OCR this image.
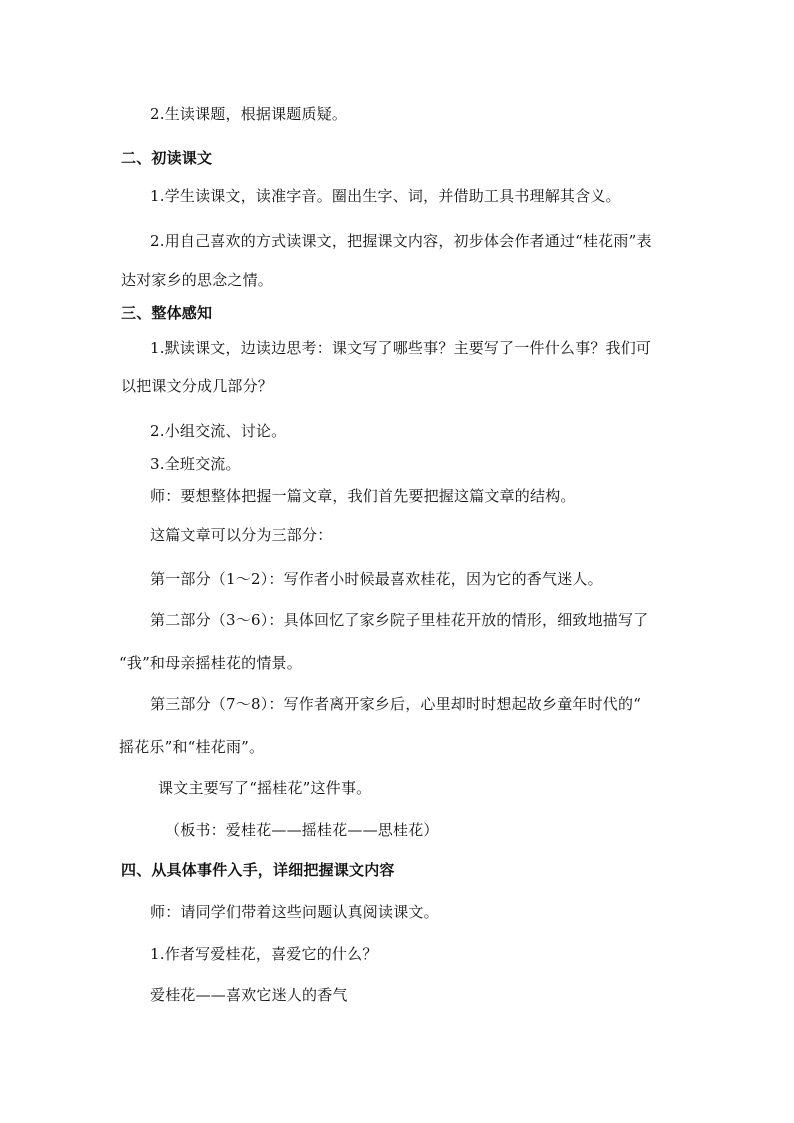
2.生读课题，根据课题质疑。
二、初读课文
1.学生读课文，读准字音。圈出生字、词，并借助工具书理解其含义。
2.用自己喜欢的方式读课文，把握课文内容，初步体会作者通过“桂花雨”表
达对家乡的思念之情。
三、整体感知
1.默读课文，边读边思考：课文写了哪些事？主要写了一件什么事？我们可
以把课文分成几部分？
2.小组交流、讨论。
3.全班交流。
师：要想整体把握一篇文章，我们首先要把握这篇文章的结构。
这篇文章可以分为三部分：
第一部分（1～2）：写作者小时候最喜欢桂花，因为它的香气迷人。
第二部分（3～6）：具体回忆了家乡院子里桂花开放的情形，细致地描写了
“我”和母亲摇桂花的情景。
第三部分（7～8）：写作者离开家乡后，心里却时时想起故乡童年时代的“
摇花乐”和“桂花雨”。
课文主要写了“摇桂花”这件事。
（板书：爱桂花——摇桂花——思桂花）
四、从具体事件入手，详细把握课文内容
师：请同学们带着这些问题认真阅读课文。
1.作者写爱桂花，喜爱它的什么？
爱桂花——喜欢它迷人的香气
